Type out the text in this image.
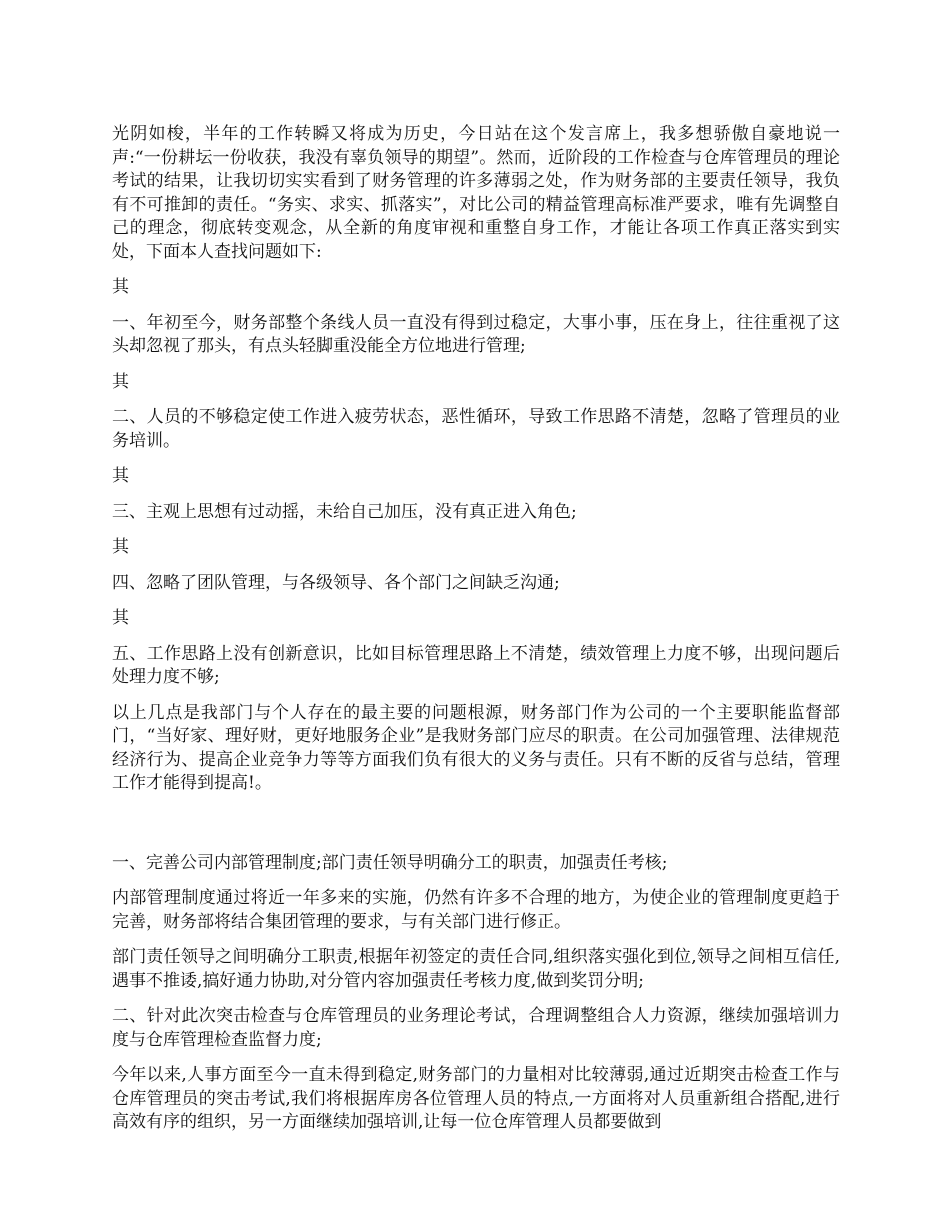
光阴如梭，半年的工作转瞬又将成为历史，今日站在这个发言席上，我多想骄傲自豪地说一声:“一份耕坛一份收获，我没有辜负领导的期望”。然而，近阶段的工作检查与仓库管理员的理论考试的结果，让我切切实实看到了财务管理的许多薄弱之处，作为财务部的主要责任领导，我负有不可推卸的责任。“务实、求实、抓落实”，对比公司的精益管理高标准严要求，唯有先调整自己的理念，彻底转变观念，从全新的角度审视和重整自身工作，才能让各项工作真正落实到实处，下面本人查找问题如下:

其

一、年初至今，财务部整个条线人员一直没有得到过稳定，大事小事，压在身上，往往重视了这头却忽视了那头，有点头轻脚重没能全方位地进行管理;

其

二、人员的不够稳定使工作进入疲劳状态，恶性循环，导致工作思路不清楚，忽略了管理员的业务培训。

其

三、主观上思想有过动摇，未给自己加压，没有真正进入角色;

其

四、忽略了团队管理，与各级领导、各个部门之间缺乏沟通;

其

五、工作思路上没有创新意识，比如目标管理思路上不清楚，绩效管理上力度不够，出现问题后处理力度不够;

以上几点是我部门与个人存在的最主要的问题根源，财务部门作为公司的一个主要职能监督部门，“当好家、理好财，更好地服务企业”是我财务部门应尽的职责。在公司加强管理、法律规范经济行为、提高企业竞争力等等方面我们负有很大的义务与责任。只有不断的反省与总结，管理工作才能得到提高!。

一、完善公司内部管理制度;部门责任领导明确分工的职责，加强责任考核;

内部管理制度通过将近一年多来的实施，仍然有许多不合理的地方，为使企业的管理制度更趋于完善，财务部将结合集团管理的要求，与有关部门进行修正。

部门责任领导之间明确分工职责,根据年初签定的责任合同,组织落实强化到位,领导之间相互信任,遇事不推诿,搞好通力协助,对分管内容加强责任考核力度,做到奖罚分明;

二、针对此次突击检查与仓库管理员的业务理论考试，合理调整组合人力资源，继续加强培训力度与仓库管理检查监督力度;

今年以来,人事方面至今一直未得到稳定,财务部门的力量相对比较薄弱,通过近期突击检查工作与仓库管理员的突击考试,我们将根据库房各位管理人员的特点,一方面将对人员重新组合搭配,进行高效有序的组织，另一方面继续加强培训,让每一位仓库管理人员都要做到
